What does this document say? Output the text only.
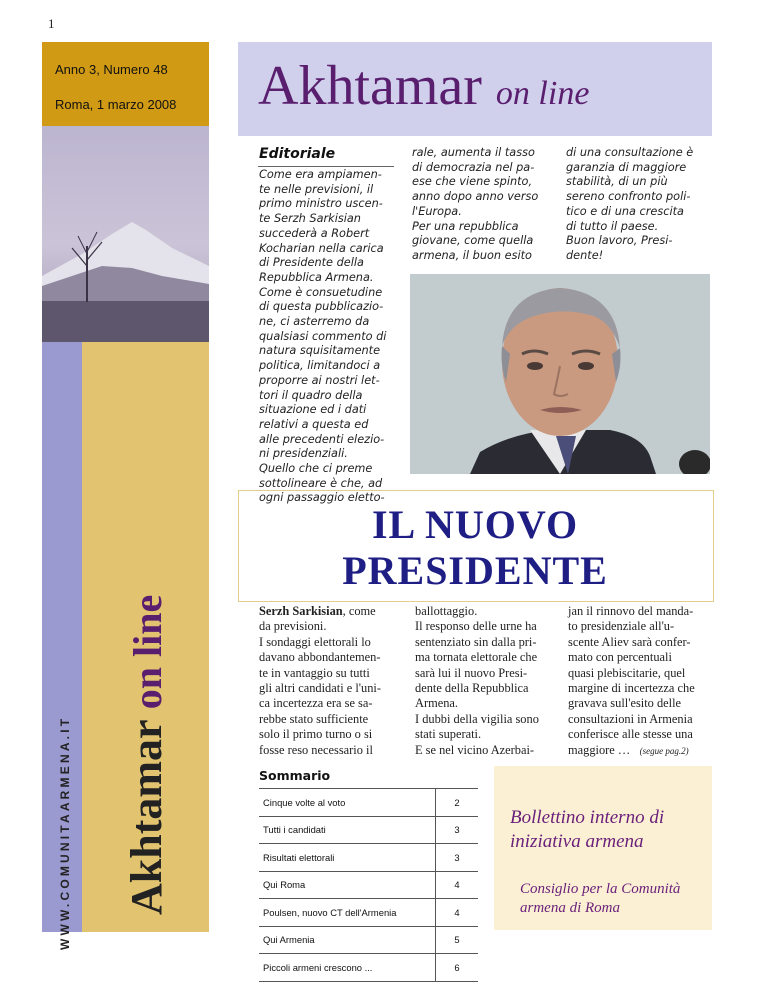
1
Anno 3, Numero 48
Roma, 1 marzo 2008
WWW.COMUNITAARMENA.IT Akhtamar on line
Akhtamar on line
Editoriale
Come era ampiamen-
te nelle previsioni, il
primo ministro uscen-
te Serzh Sarkisian
succederà a Robert
Kocharian nella carica
di Presidente della
Repubblica Armena.
Come è consuetudine
di questa pubblicazio-
ne, ci asterremo da
qualsiasi commento di
natura squisitamente
politica, limitandoci a
proporre ai nostri let-
tori il quadro della
situazione ed i dati
relativi a questa ed
alle precedenti elezio-
ni presidenziali.
Quello che ci preme
sottolineare è che, ad
ogni passaggio eletto-
rale, aumenta il tasso
di democrazia nel pa-
ese che viene spinto,
anno dopo anno verso
l'Europa.
Per una repubblica
giovane, come quella
armena, il buon esito
di una consultazione è
garanzia di maggiore
stabilità, di un più
sereno confronto poli-
tico e di una crescita
di tutto il paese.
Buon lavoro, Presi-
dente!
IL NUOVO
PRESIDENTE
Serzh Sarkisian, come
da previsioni.
I sondaggi elettorali lo
davano abbondantemen-
te in vantaggio su tutti
gli altri candidati e l'uni-
ca incertezza era se sa-
rebbe stato sufficiente
solo il primo turno o si
fosse reso necessario il
ballottaggio.
Il responso delle urne ha
sentenziato sin dalla pri-
ma tornata elettorale che
sarà lui il nuovo Presi-
dente della Repubblica
Armena.
I dubbi della vigilia sono
stati superati.
E se nel vicino Azerbai-
jan il rinnovo del manda-
to presidenziale all'u-
scente Aliev sarà confer-
mato con percentuali
quasi plebiscitarie, quel
margine di incertezza che
gravava sull'esito delle
consultazioni in Armenia
conferisce alle stesse una
maggiore … (segue pag.2)
Sommario
Cinque volte al voto	2
Tutti i candidati	3
Risultati elettorali	3
Qui Roma	4
Poulsen, nuovo CT dell'Armenia	4
Qui Armenia	5
Piccoli armeni crescono ...	6
Bollettino interno di iniziativa armena
Consiglio per la Comunità armena di Roma
